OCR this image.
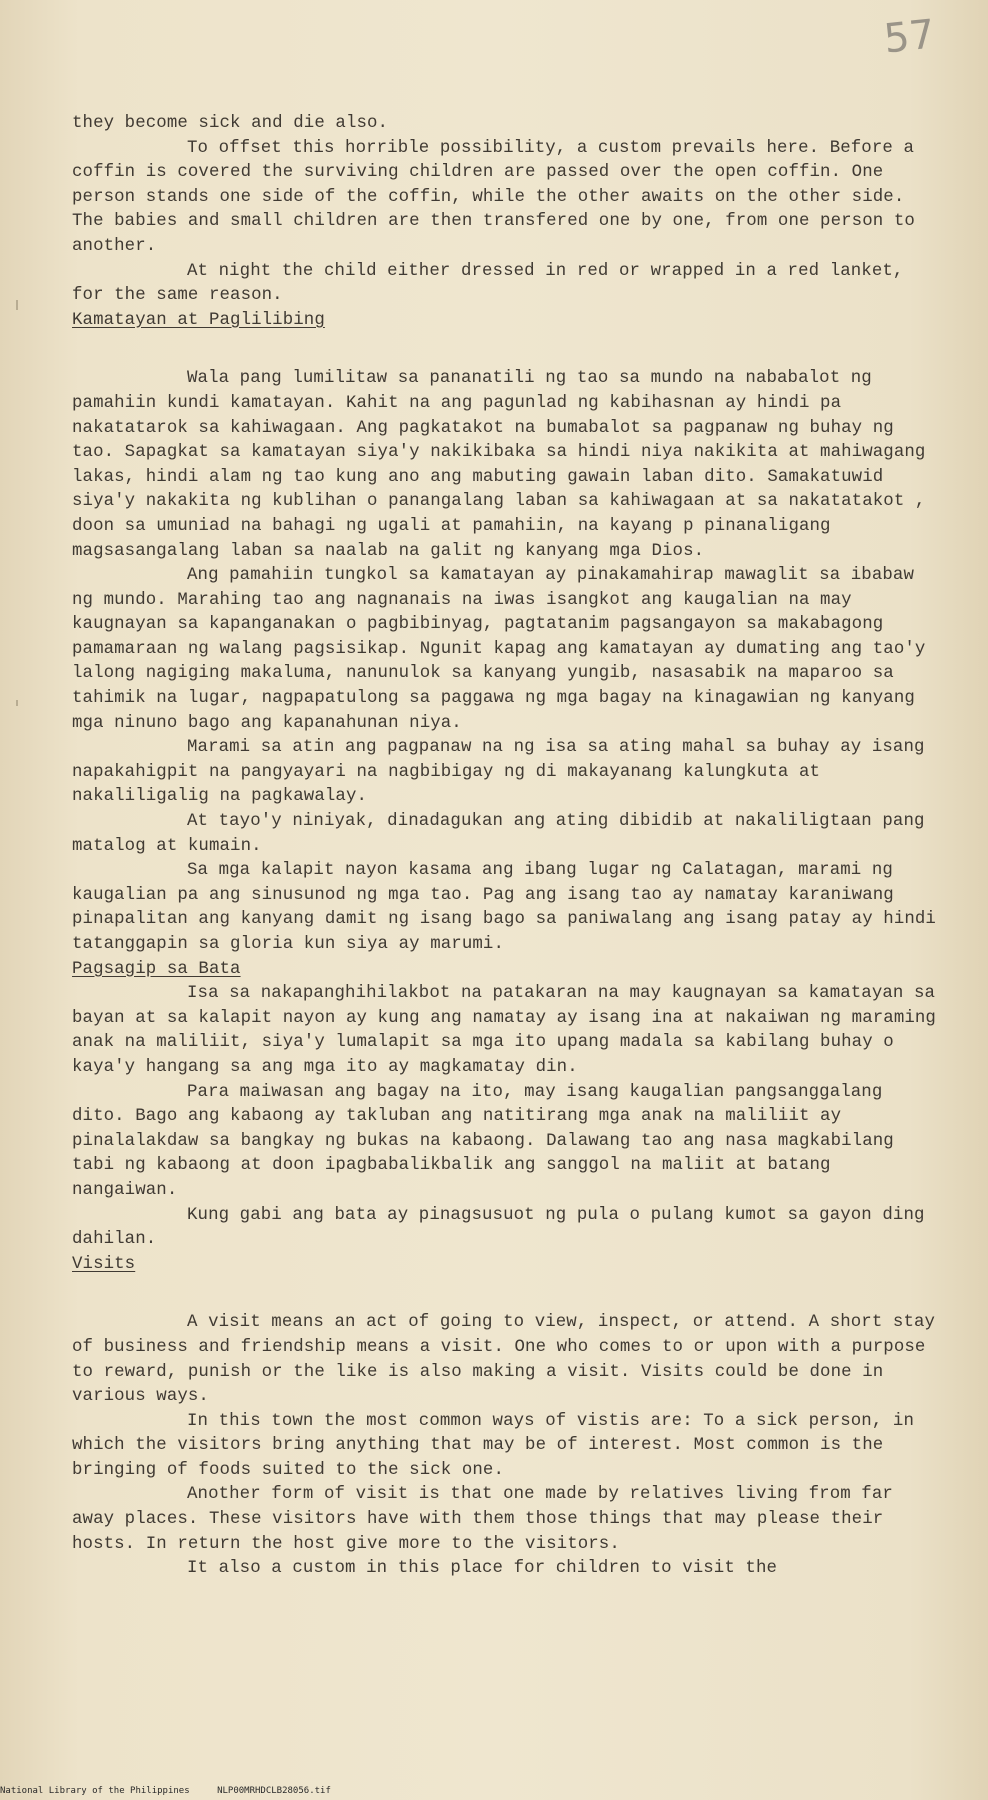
57

they become sick and die also.

To offset this horrible possibility, a custom prevails here. Before a coffin is covered the surviving children are passed over the open coffin. One person stands one side of the coffin, while the other awaits on the other side. The babies and small children are then transfered one by one, from one person to another.

At night the child either dressed in red or wrapped in a red lanket, for the same reason.

Kamatayan at Paglilibing

Wala pang lumilitaw sa pananatili ng tao sa mundo na nababalot ng pamahiin kundi kamatayan. Kahit na ang pagunlad ng kabihasnan ay hindi pa nakatatarok sa kahiwagaan. Ang pagkatakot na bumabalot sa pagpanaw ng buhay ng tao. Sapagkat sa kamatayan siya'y nakikibaka sa hindi niya nakikita at mahiwagang lakas, hindi alam ng tao kung ano ang mabuting gawain laban dito. Samakatuwid siya'y nakakita ng kublihan o panangalang laban sa kahiwagaan at sa nakatatakot , doon sa umuniad na bahagi ng ugali at pamahiin, na kayang p pinanaligang magsasangalang laban sa naalab na galit ng kanyang mga Dios.

Ang pamahiin tungkol sa kamatayan ay pinakamahirap mawaglit sa ibabaw ng mundo. Marahing tao ang nagnanais na iwas isangkot ang kaugalian na may kaugnayan sa kapanganakan o pagbibinyag, pagtatanim pagsangayon sa makabagong pamamaraan ng walang pagsisikap. Ngunit kapag ang kamatayan ay dumating ang tao'y lalong nagiging makaluma, nanunulok sa kanyang yungib, nasasabik na maparoo sa tahimik na lugar, nagpapatulong sa paggawa ng mga bagay na kinagawian ng kanyang mga ninuno bago ang kapanahunan niya.

Marami sa atin ang pagpanaw na ng isa sa ating mahal sa buhay ay isang napakahigpit na pangyayari na nagbibigay ng di makayanang kalungkuta at nakaliligalig na pagkawalay.

At tayo'y niniyak, dinadagukan ang ating dibidib at nakaliligtaan pang matalog at kumain.

Sa mga kalapit nayon kasama ang ibang lugar ng Calatagan, marami ng kaugalian pa ang sinusunod ng mga tao. Pag ang isang tao ay namatay karaniwang pinapalitan ang kanyang damit ng isang bago sa paniwalang ang isang patay ay hindi tatanggapin sa gloria kun siya ay marumi.

Pagsagip sa Bata

Isa sa nakapanghihilakbot na patakaran na may kaugnayan sa kamatayan sa bayan at sa kalapit nayon ay kung ang namatay ay isang ina at nakaiwan ng maraming anak na maliliit, siya'y lumalapit sa mga ito upang madala sa kabilang buhay o kaya'y hangang sa ang mga ito ay magkamatay din.

Para maiwasan ang bagay na ito, may isang kaugalian pangsanggalang dito. Bago ang kabaong ay takluban ang natitirang mga anak na maliliit ay pinalalakdaw sa bangkay ng bukas na kabaong. Dalawang tao ang nasa magkabilang tabi ng kabaong at doon ipagbabalikbalik ang sanggol na maliit at batang nangaiwan.

Kung gabi ang bata ay pinagsusuot ng pula o pulang kumot sa gayon ding dahilan.

Visits

A visit means an act of going to view, inspect, or attend. A short stay of business and friendship means a visit. One who comes to or upon with a purpose to reward, punish or the like is also making a visit. Visits could be done in various ways.

In this town the most common ways of vistis are: To a sick person, in which the visitors bring anything that may be of interest. Most common is the bringing of foods suited to the sick one.

Another form of visit is that one made by relatives living from far away places. These visitors have with them those things that may please their hosts. In return the host give more to the visitors.

It also a custom in this place for children to visit the

National Library of the Philippines	NLP00MRHDCLB28056.tif
